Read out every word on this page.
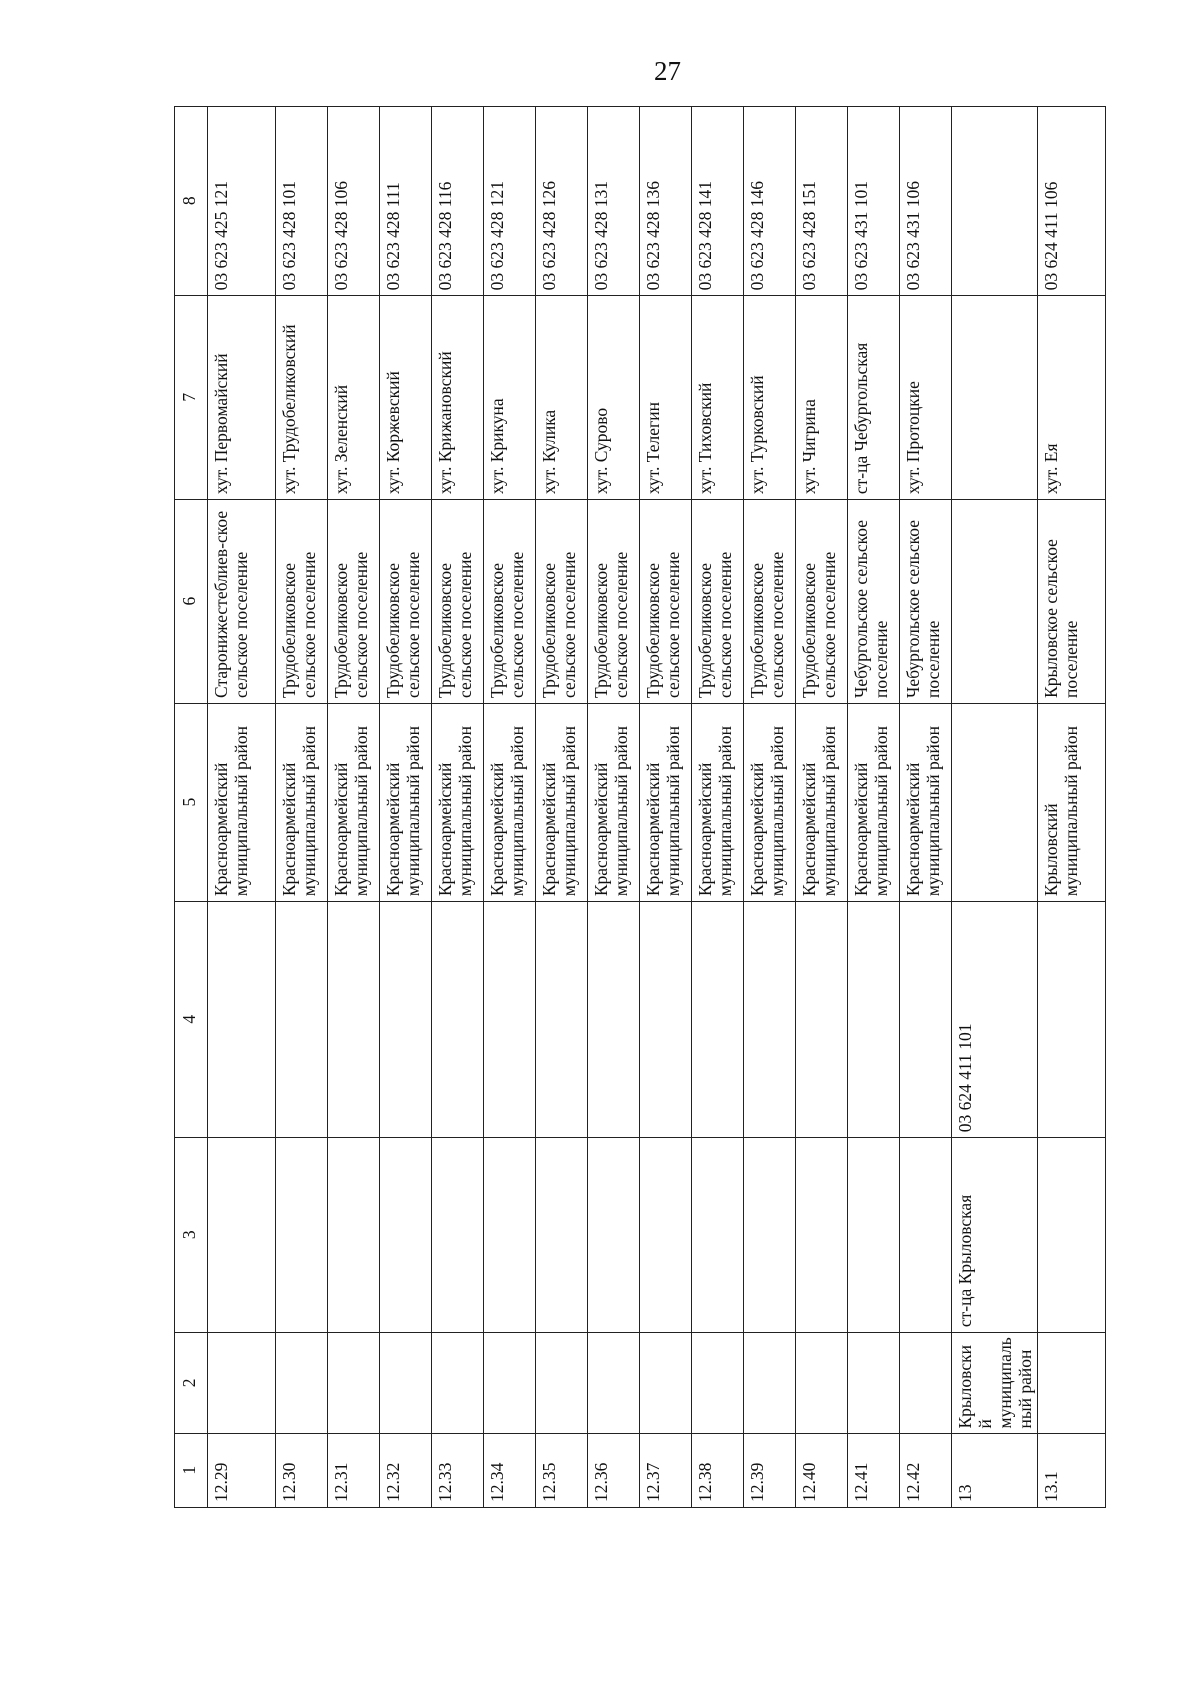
27
1	2	3	4	5	6	7	8
12.29				Красноармейский муниципальный район	Старонижестеблиев-ское сельское поселение	хут. Первомайский	03 623 425 121
12.30				Красноармейский муниципальный район	Трудобеликовское сельское поселение	хут. Трудобеликовский	03 623 428 101
12.31				Красноармейский муниципальный район	Трудобеликовское сельское поселение	хут. Зеленский	03 623 428 106
12.32				Красноармейский муниципальный район	Трудобеликовское сельское поселение	хут. Коржевский	03 623 428 111
12.33				Красноармейский муниципальный район	Трудобеликовское сельское поселение	хут. Крижановский	03 623 428 116
12.34				Красноармейский муниципальный район	Трудобеликовское сельское поселение	хут. Крикуна	03 623 428 121
12.35				Красноармейский муниципальный район	Трудобеликовское сельское поселение	хут. Кулика	03 623 428 126
12.36				Красноармейский муниципальный район	Трудобеликовское сельское поселение	хут. Сурово	03 623 428 131
12.37				Красноармейский муниципальный район	Трудобеликовское сельское поселение	хут. Телегин	03 623 428 136
12.38				Красноармейский муниципальный район	Трудобеликовское сельское поселение	хут. Тиховский	03 623 428 141
12.39				Красноармейский муниципальный район	Трудобеликовское сельское поселение	хут. Турковский	03 623 428 146
12.40				Красноармейский муниципальный район	Трудобеликовское сельское поселение	хут. Чигрина	03 623 428 151
12.41				Красноармейский муниципальный район	Чебургольское сельское поселение	ст-ца Чебургольская	03 623 431 101
12.42				Красноармейский муниципальный район	Чебургольское сельское поселение	хут. Протоцкие	03 623 431 106
13	Крыловский муниципальный район	ст-ца Крыловская	03 624 411 101				
13.1				Крыловский муниципальный район	Крыловское сельское поселение	хут. Ея	03 624 411 106
